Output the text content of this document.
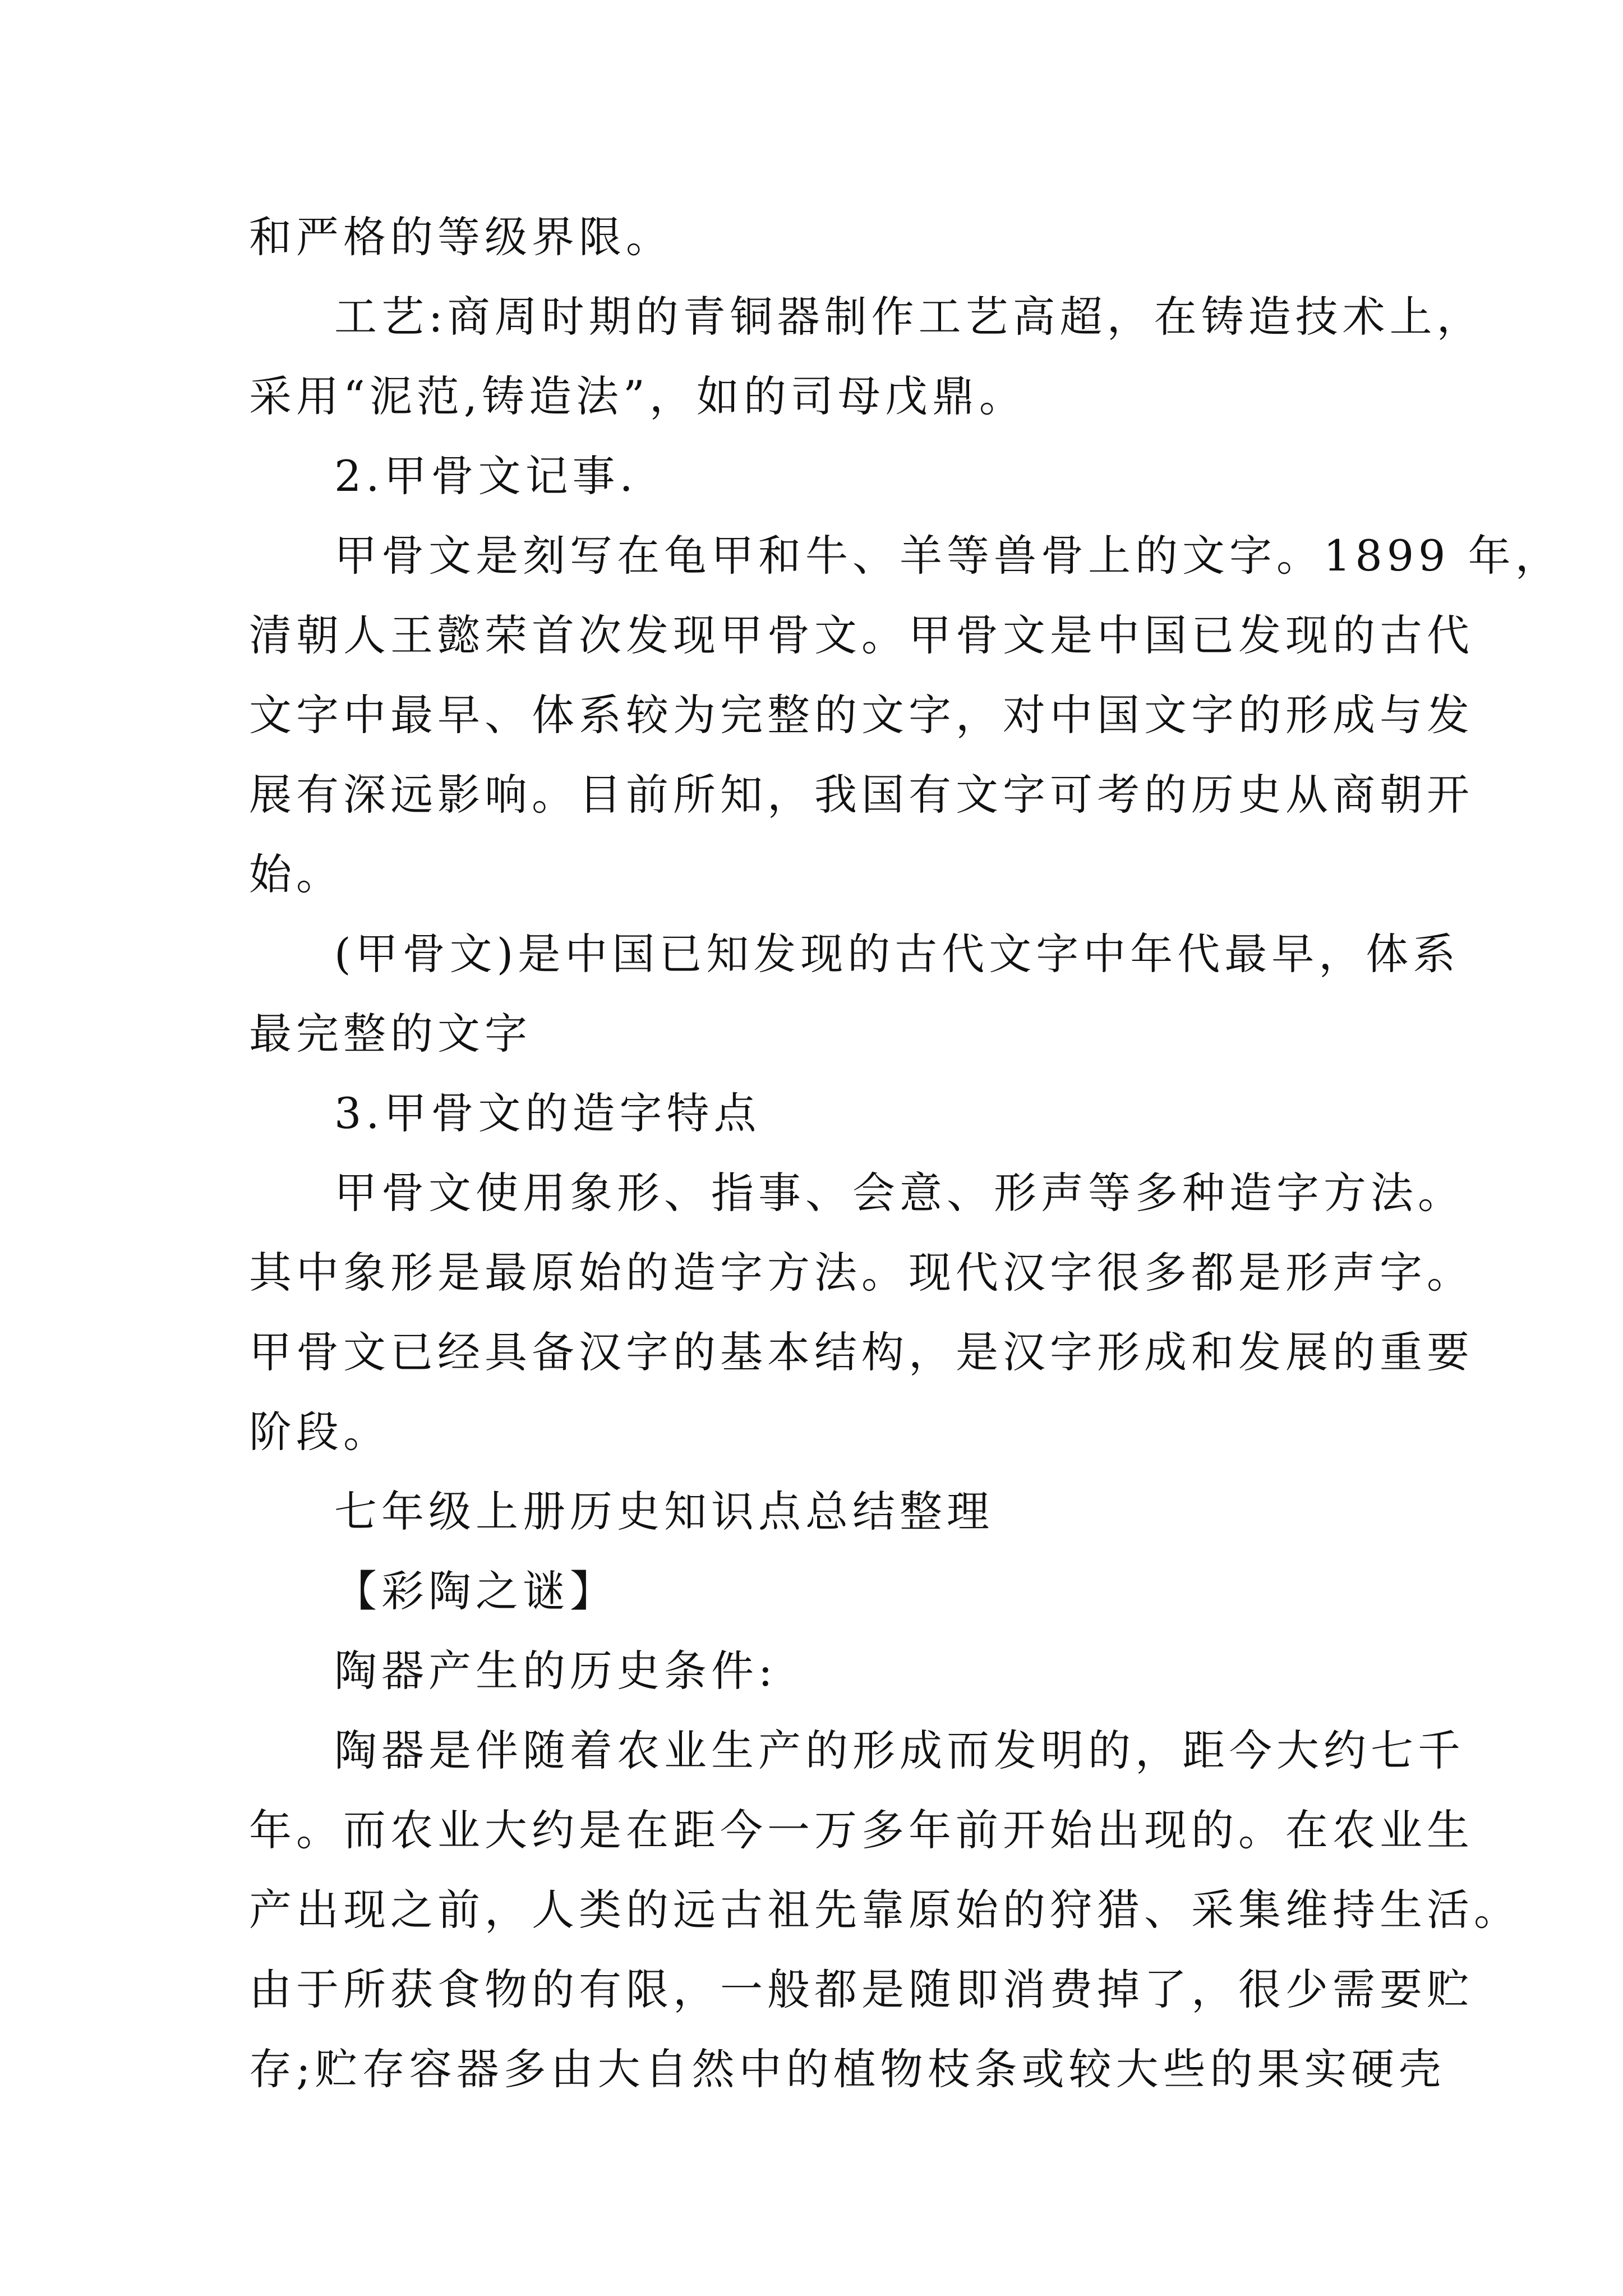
和严格的等级界限。
工艺:商周时期的青铜器制作工艺高超，在铸造技术上，
采用“泥范,铸造法”，如的司母戊鼎。
2.甲骨文记事.
甲骨文是刻写在龟甲和牛、羊等兽骨上的文字。1899 年，
清朝人王懿荣首次发现甲骨文。甲骨文是中国已发现的古代
文字中最早、体系较为完整的文字，对中国文字的形成与发
展有深远影响。目前所知，我国有文字可考的历史从商朝开
始。
(甲骨文)是中国已知发现的古代文字中年代最早，体系
最完整的文字
3.甲骨文的造字特点
甲骨文使用象形、指事、会意、形声等多种造字方法。
其中象形是最原始的造字方法。现代汉字很多都是形声字。
甲骨文已经具备汉字的基本结构，是汉字形成和发展的重要
阶段。
七年级上册历史知识点总结整理
【彩陶之谜】
陶器产生的历史条件:
陶器是伴随着农业生产的形成而发明的，距今大约七千
年。而农业大约是在距今一万多年前开始出现的。在农业生
产出现之前，人类的远古祖先靠原始的狩猎、采集维持生活。
由于所获食物的有限，一般都是随即消费掉了，很少需要贮
存;贮存容器多由大自然中的植物枝条或较大些的果实硬壳
